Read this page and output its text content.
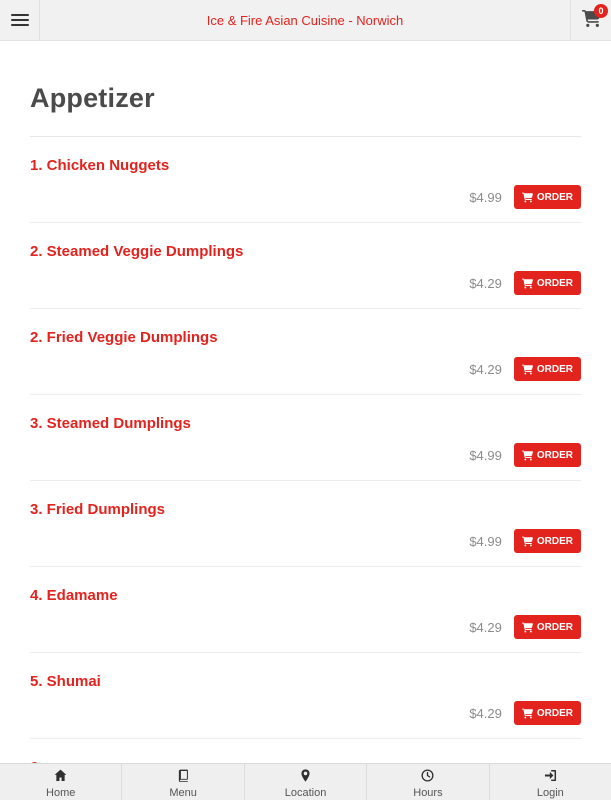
Ice & Fire Asian Cuisine - Norwich
0
Appetizer
1. Chicken Nuggets
$4.99	ORDER
2. Steamed Veggie Dumplings
$4.29	ORDER
2. Fried Veggie Dumplings
$4.29	ORDER
3. Steamed Dumplings
$4.99	ORDER
3. Fried Dumplings
$4.99	ORDER
4. Edamame
$4.29	ORDER
5. Shumai
$4.29	ORDER
Home	Menu	Location	Hours	Login
